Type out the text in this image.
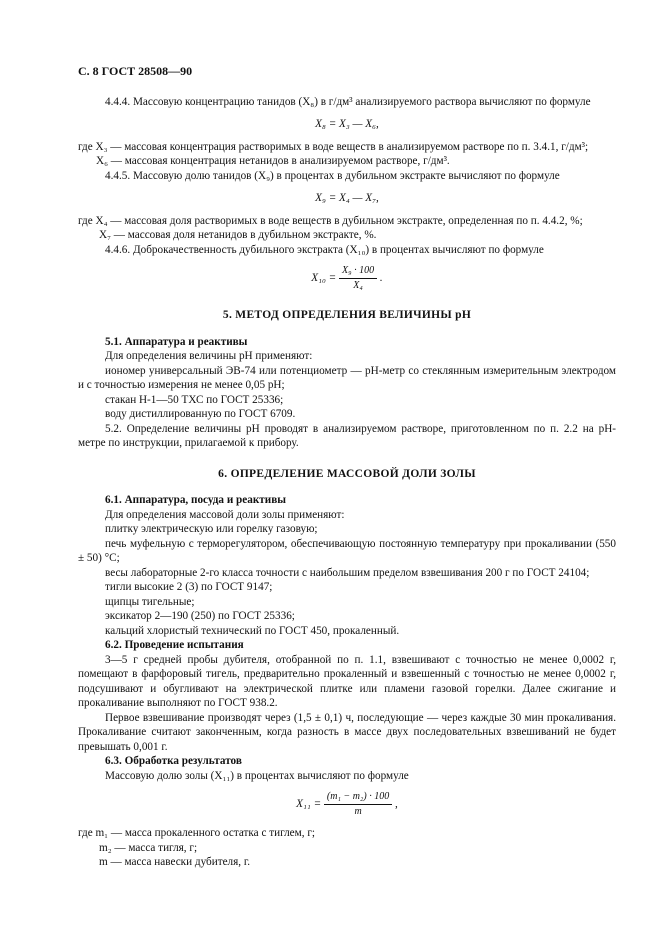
С. 8 ГОСТ 28508—90

4.4.4. Массовую концентрацию танидов (X₈) в г/дм³ анализируемого раствора вычисляют по формуле

X₈ = X₃ — X₆,

где X₃ — массовая концентрация растворимых в воде веществ в анализируемом растворе по п. 3.4.1, г/дм³;

X₆ — массовая концентрация нетанидов в анализируемом растворе, г/дм³.

4.4.5. Массовую долю танидов (X₉) в процентах в дубильном экстракте вычисляют по формуле

X₉ = X₄ — X₇,

где X₄ — массовая доля растворимых в воде веществ в дубильном экстракте, определенная по п. 4.4.2, %;

X₇ — массовая доля нетанидов в дубильном экстракте, %.

4.4.6. Доброкачественность дубильного экстракта (X₁₀) в процентах вычисляют по формуле

$X_{10} = \frac{\text{X₉ · 100}}{\text{X₄}}$ .

5. МЕТОД ОПРЕДЕЛЕНИЯ ВЕЛИЧИНЫ pH

5.1. Аппаратура и реактивы

Для определения величины pH применяют:

иономер универсальный ЭВ-74 или потенциометр — pH-метр со стеклянным измерительным электродом и с точностью измерения не менее 0,05 pH;

стакан Н-1—50 ТХС по ГОСТ 25336;

воду дистиллированную по ГОСТ 6709.

5.2. Определение величины pH проводят в анализируемом растворе, приготовленном по п. 2.2 на pH-метре по инструкции, прилагаемой к прибору.

6. ОПРЕДЕЛЕНИЕ МАССОВОЙ ДОЛИ ЗОЛЫ

6.1. Аппаратура, посуда и реактивы

Для определения массовой доли золы применяют:

плитку электрическую или горелку газовую;

печь муфельную с терморегулятором, обеспечивающую постоянную температуру при прокаливании (550 ± 50) °С;

весы лабораторные 2-го класса точности с наибольшим пределом взвешивания 200 г по ГОСТ 24104;

тигли высокие 2 (3) по ГОСТ 9147;

щипцы тигельные;

эксикатор 2—190 (250) по ГОСТ 25336;

кальций хлористый технический по ГОСТ 450, прокаленный.

6.2. Проведение испытания

3—5 г средней пробы дубителя, отобранной по п. 1.1, взвешивают с точностью не менее 0,0002 г, помещают в фарфоровый тигель, предварительно прокаленный и взвешенный с точностью не менее 0,0002 г, подсушивают и обугливают на электрической плитке или пламени газовой горелки. Далее сжигание и прокаливание выполняют по ГОСТ 938.2.

Первое взвешивание производят через (1,5 ± 0,1) ч, последующие — через каждые 30 мин прокаливания. Прокаливание считают законченным, когда разность в массе двух последовательных взвешиваний не будет превышать 0,001 г.

6.3. Обработка результатов

Массовую долю золы (X₁₁) в процентах вычисляют по формуле

$X_{11} = \frac{\text{(m₁ − m₂) · 100}}{m}$ ,

где m₁ — масса прокаленного остатка с тиглем, г;

m₂ — масса тигля, г;

m — масса навески дубителя, г.
